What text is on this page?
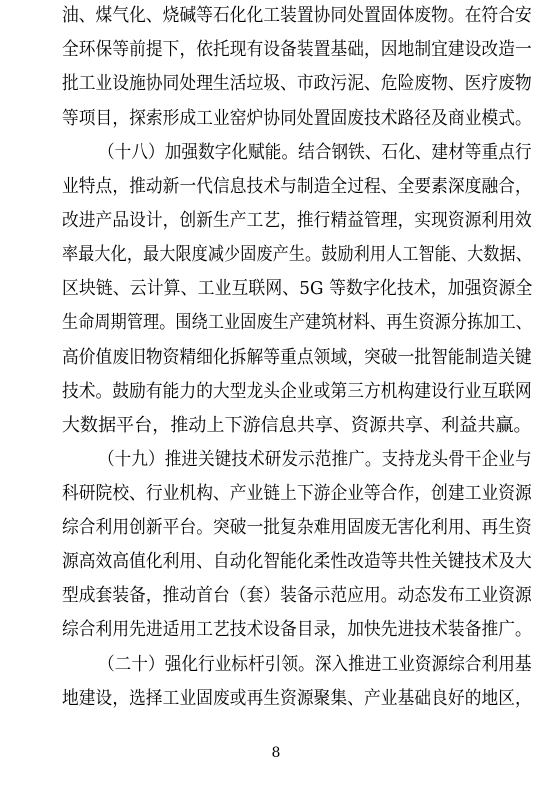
油、煤气化、烧碱等石化化工装置协同处置固体废物。在符合安
全环保等前提下，依托现有设备装置基础，因地制宜建设改造一
批工业设施协同处理生活垃圾、市政污泥、危险废物、医疗废物
等项目，探索形成工业窑炉协同处置固废技术路径及商业模式。
（十八）加强数字化赋能。结合钢铁、石化、建材等重点行
业特点，推动新一代信息技术与制造全过程、全要素深度融合，
改进产品设计，创新生产工艺，推行精益管理，实现资源利用效
率最大化，最大限度减少固废产生。鼓励利用人工智能、大数据、
区块链、云计算、工业互联网、5G 等数字化技术，加强资源全
生命周期管理。围绕工业固废生产建筑材料、再生资源分拣加工、
高价值废旧物资精细化拆解等重点领域，突破一批智能制造关键
技术。鼓励有能力的大型龙头企业或第三方机构建设行业互联网
大数据平台，推动上下游信息共享、资源共享、利益共赢。
（十九）推进关键技术研发示范推广。支持龙头骨干企业与
科研院校、行业机构、产业链上下游企业等合作，创建工业资源
综合利用创新平台。突破一批复杂难用固废无害化利用、再生资
源高效高值化利用、自动化智能化柔性改造等共性关键技术及大
型成套装备，推动首台（套）装备示范应用。动态发布工业资源
综合利用先进适用工艺技术设备目录，加快先进技术装备推广。
（二十）强化行业标杆引领。深入推进工业资源综合利用基
地建设，选择工业固废或再生资源聚集、产业基础良好的地区，
8
